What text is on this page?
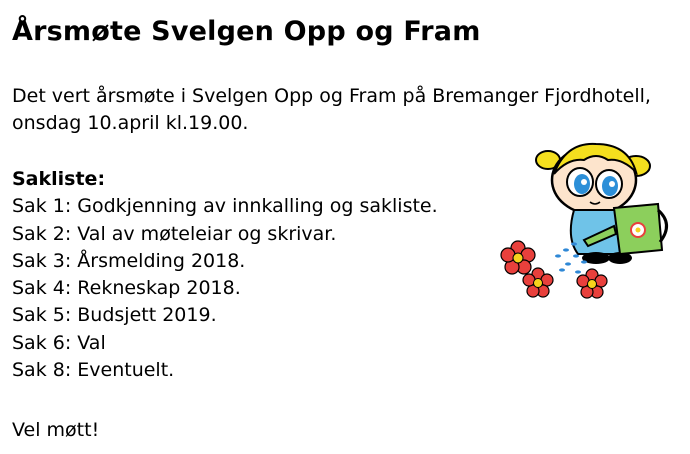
Årsmøte Svelgen Opp og Fram

Det vert årsmøte i Svelgen Opp og Fram på Bremanger Fjordhotell,

onsdag 10.april kl.19.00.

Sakliste:
Sak 1: Godkjenning av innkalling og sakliste.
Sak 2: Val av møteleiar og skrivar.
Sak 3: Årsmelding 2018.
Sak 4: Rekneskap 2018.
Sak 5: Budsjett 2019.
Sak 6: Val
Sak 8: Eventuelt.
Vel møtt!
